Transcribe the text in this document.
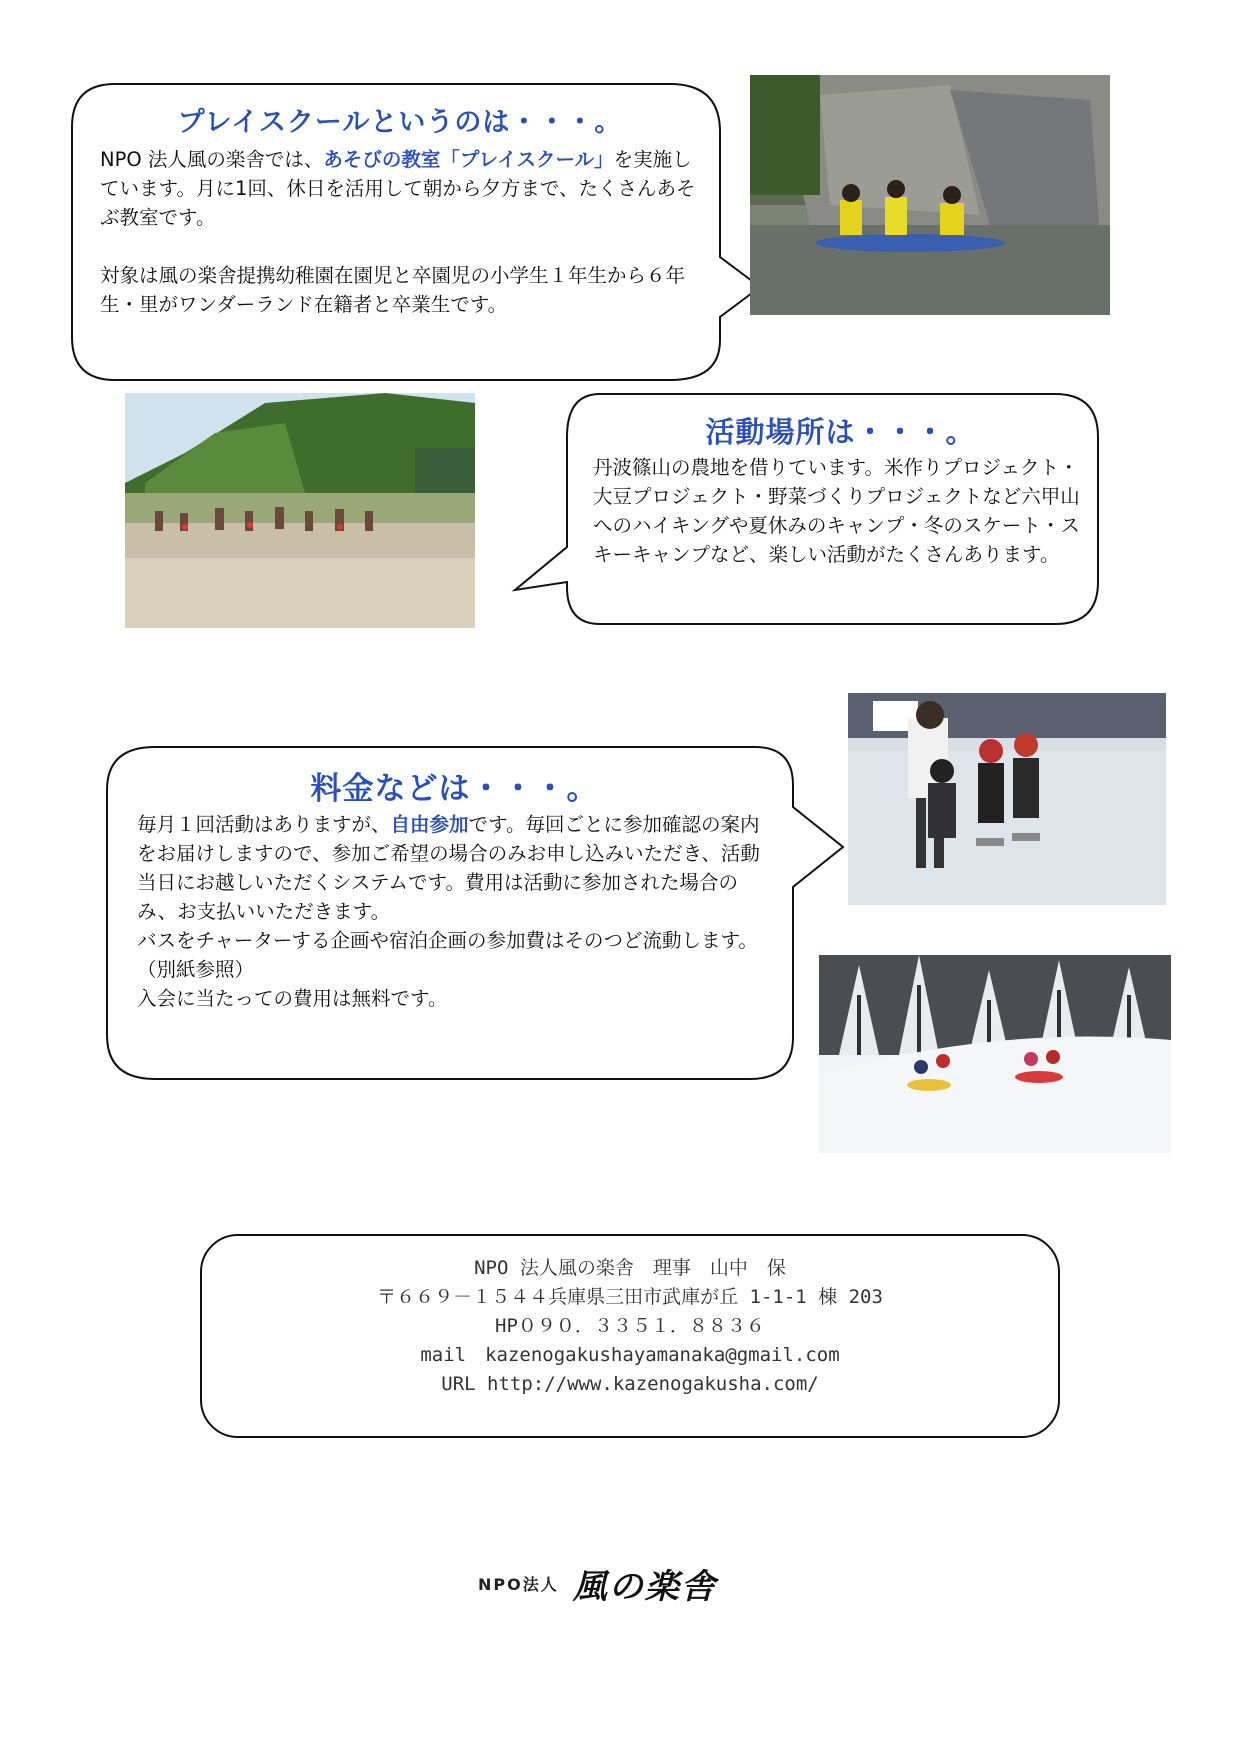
プレイスクールというのは・・・。

NPO 法人風の楽舎では、あそびの教室「プレイスクール」を実施しています。月に1回、休日を活用して朝から夕方まで、たくさんあそぶ教室です。

対象は風の楽舎提携幼稚園在園児と卒園児の小学生１年生から６年生・里がワンダーランド在籍者と卒業生です。

活動場所は・・・。
丹波篠山の農地を借りています。米作りプロジェクト・大豆プロジェクト・野菜づくりプロジェクトなど六甲山へのハイキングや夏休みのキャンプ・冬のスケート・スキーキャンプなど、楽しい活動がたくさんあります。
料金などは・・・。

毎月１回活動はありますが、自由参加です。毎回ごとに参加確認の案内をお届けしますので、参加ご希望の場合のみお申し込みいただき、活動当日にお越しいただくシステムです。費用は活動に参加された場合のみ、お支払いいただきます。

バスをチャーターする企画や宿泊企画の参加費はそのつど流動します。（別紙参照）

入会に当たっての費用は無料です。

NPO 法人風の楽舎　理事　山中　保
〒６６９－１５４４兵庫県三田市武庫が丘 1-1-1 棟 203
HP０９０．３３５１．８８３６
mail　kazenogakushayamanaka@gmail.com
URL http://www.kazenogakusha.com/
NPO法人 風の楽舎
